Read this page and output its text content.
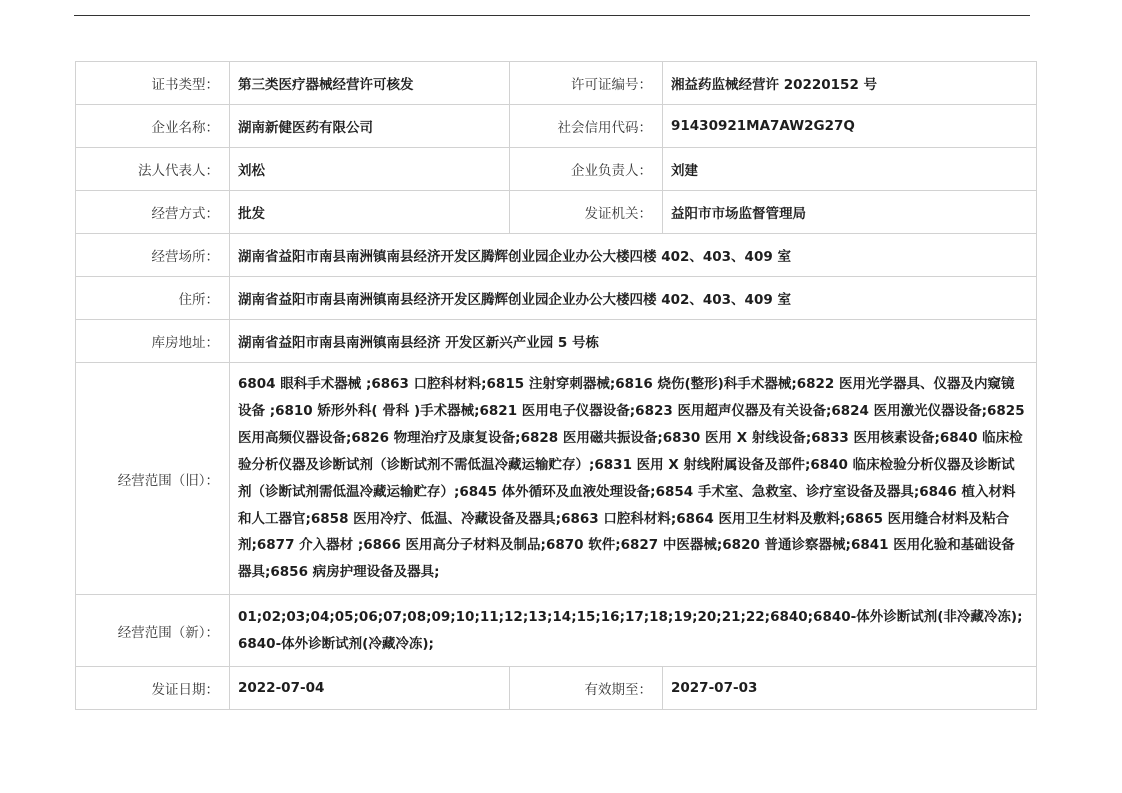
证书类型：	第三类医疗器械经营许可核发	许可证编号：	湘益药监械经营许 20220152 号
企业名称：	湖南新健医药有限公司	社会信用代码：	91430921MA7AW2G27Q
法人代表人：	刘松	企业负责人：	刘建
经营方式：	批发	发证机关：	益阳市市场监督管理局
经营场所：	湖南省益阳市南县南洲镇南县经济开发区腾辉创业园企业办公大楼四楼 402、403、409 室		
住所：	湖南省益阳市南县南洲镇南县经济开发区腾辉创业园企业办公大楼四楼 402、403、409 室		
库房地址：	湖南省益阳市南县南洲镇南县经济 开发区新兴产业园 5 号栋		
经营范围（旧）：	6804 眼科手术器械 ;6863 口腔科材料;6815 注射穿刺器械;6816 烧伤(整形)科手术器械;6822 医用光学器具、仪器及内窥镜设备 ;6810 矫形外科( 骨科 )手术器械;6821 医用电子仪器设备;6823 医用超声仪器及有关设备;6824 医用激光仪器设备;6825 医用高频仪器设备;6826 物理治疗及康复设备;6828 医用磁共振设备;6830 医用 X 射线设备;6833 医用核素设备;6840 临床检验分析仪器及诊断试剂（诊断试剂不需低温冷藏运输贮存）;6831 医用 X 射线附属设备及部件;6840 临床检验分析仪器及诊断试剂（诊断试剂需低温冷藏运输贮存）;6845 体外循环及血液处理设备;6854 手术室、急救室、诊疗室设备及器具;6846 植入材料和人工器官;6858 医用冷疗、低温、冷藏设备及器具;6863 口腔科材料;6864 医用卫生材料及敷料;6865 医用缝合材料及粘合剂;6877 介入器材 ;6866 医用高分子材料及制品;6870 软件;6827 中医器械;6820 普通诊察器械;6841 医用化验和基础设备器具;6856 病房护理设备及器具;		
经营范围（新）：	01;02;03;04;05;06;07;08;09;10;11;12;13;14;15;16;17;18;19;20;21;22;6840;6840-体外诊断试剂(非冷藏冷冻);6840-体外诊断试剂(冷藏冷冻);		
发证日期：	2022-07-04	有效期至：	2027-07-03
